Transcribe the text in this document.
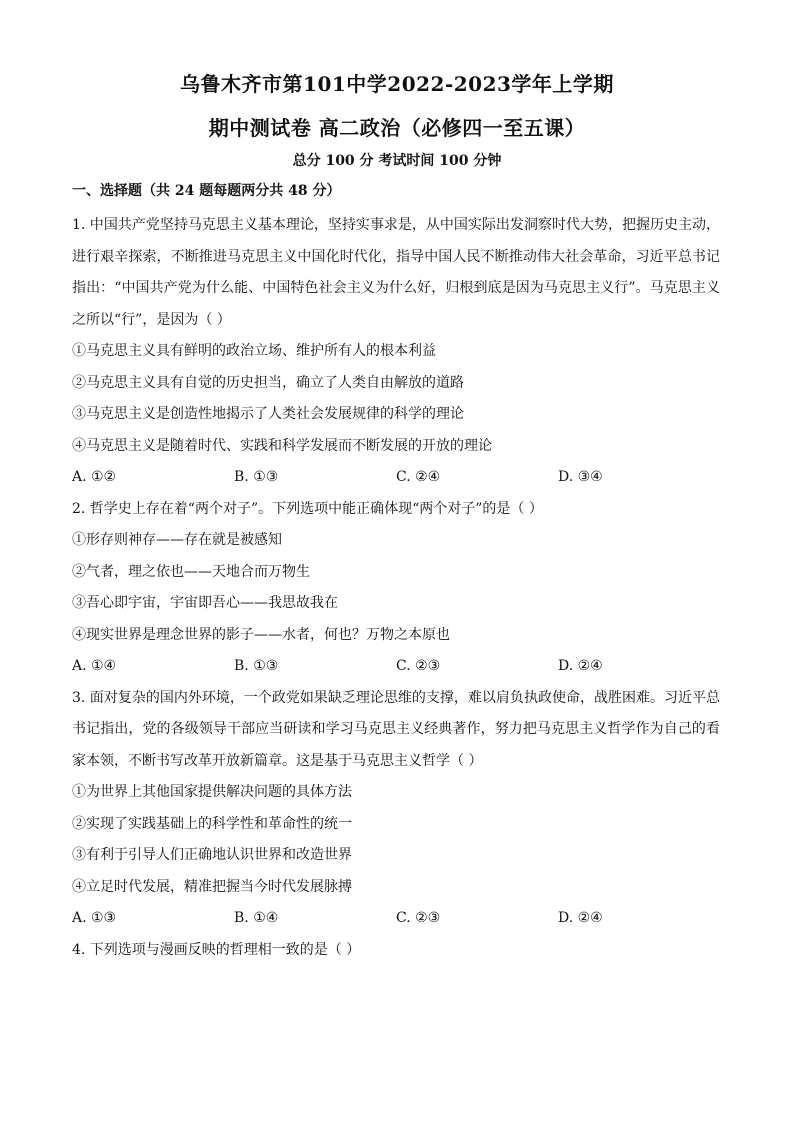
乌鲁木齐市第101中学2022-2023学年上学期
期中测试卷 高二政治（必修四一至五课）
总分 100 分 考试时间 100 分钟
一、选择题（共 24 题每题两分共 48 分）

1. 中国共产党坚持马克思主义基本理论，坚持实事求是，从中国实际出发洞察时代大势，把握历史主动，进行艰辛探索，不断推进马克思主义中国化时代化，指导中国人民不断推动伟大社会革命，习近平总书记指出：“中国共产党为什么能、中国特色社会主义为什么好，归根到底是因为马克思主义行”。马克思主义之所以“行”，是因为（ ）

①马克思主义具有鲜明的政治立场、维护所有人的根本利益

②马克思主义具有自觉的历史担当，确立了人类自由解放的道路

③马克思主义是创造性地揭示了人类社会发展规律的科学的理论

④马克思主义是随着时代、实践和科学发展而不断发展的开放的理论

A. ①②	B. ①③	C. ②④	D. ③④

2. 哲学史上存在着“两个对子”。下列选项中能正确体现“两个对子”的是（ ）

①形存则神存——存在就是被感知

②气者，理之依也——天地合而万物生

③吾心即宇宙，宇宙即吾心——我思故我在

④现实世界是理念世界的影子——水者，何也？万物之本原也

A. ①④	B. ①③	C. ②③	D. ②④

3. 面对复杂的国内外环境，一个政党如果缺乏理论思维的支撑，难以肩负执政使命，战胜困难。习近平总书记指出，党的各级领导干部应当研读和学习马克思主义经典著作，努力把马克思主义哲学作为自己的看家本领，不断书写改革开放新篇章。这是基于马克思主义哲学（ ）

①为世界上其他国家提供解决问题的具体方法

②实现了实践基础上的科学性和革命性的统一

③有利于引导人们正确地认识世界和改造世界

④立足时代发展，精准把握当今时代发展脉搏

A. ①③	B. ①④	C. ②③	D. ②④

4. 下列选项与漫画反映的哲理相一致的是（ ）
